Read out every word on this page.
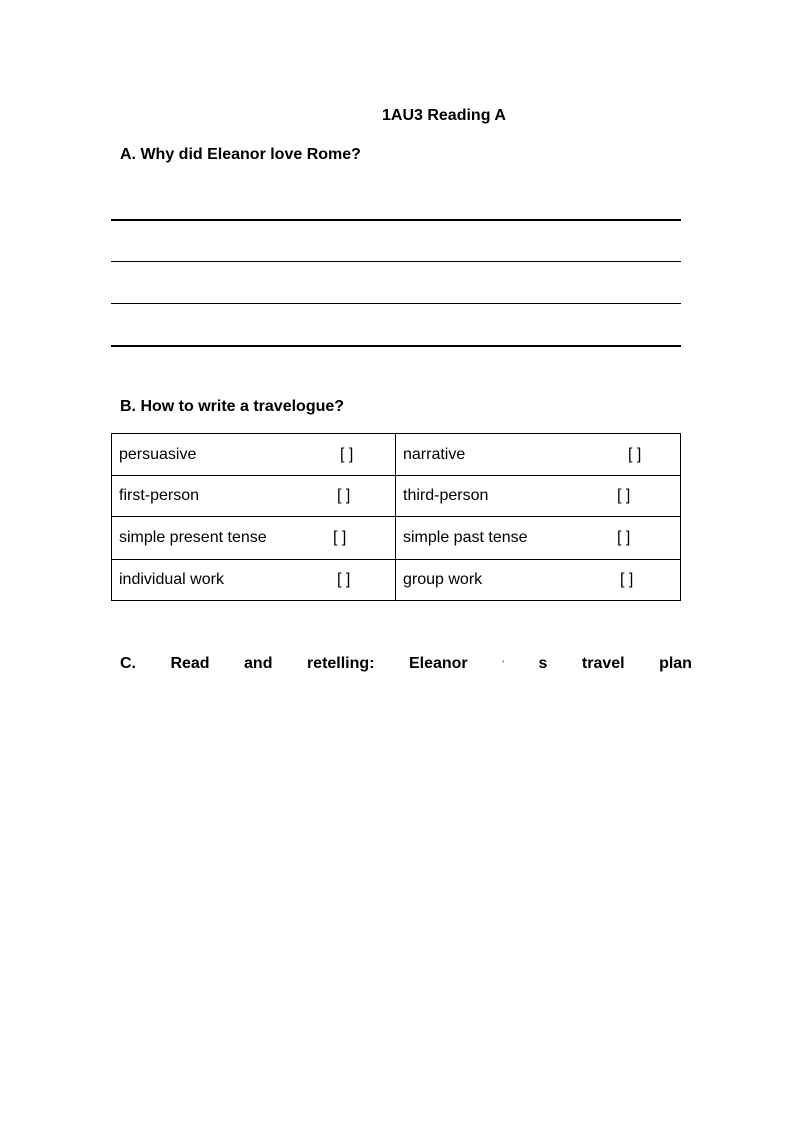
1AU3 Reading A
A. Why did Eleanor love Rome?
B. How to write a travelogue?
persuasive [ ]	narrative [ ]

first-person [ ]	third-person [ ]

simple present tense [ ]	simple past tense [ ]

individual work [ ]	group work [ ]
C. Read and retelling: Eleanor	’ s travel plan
